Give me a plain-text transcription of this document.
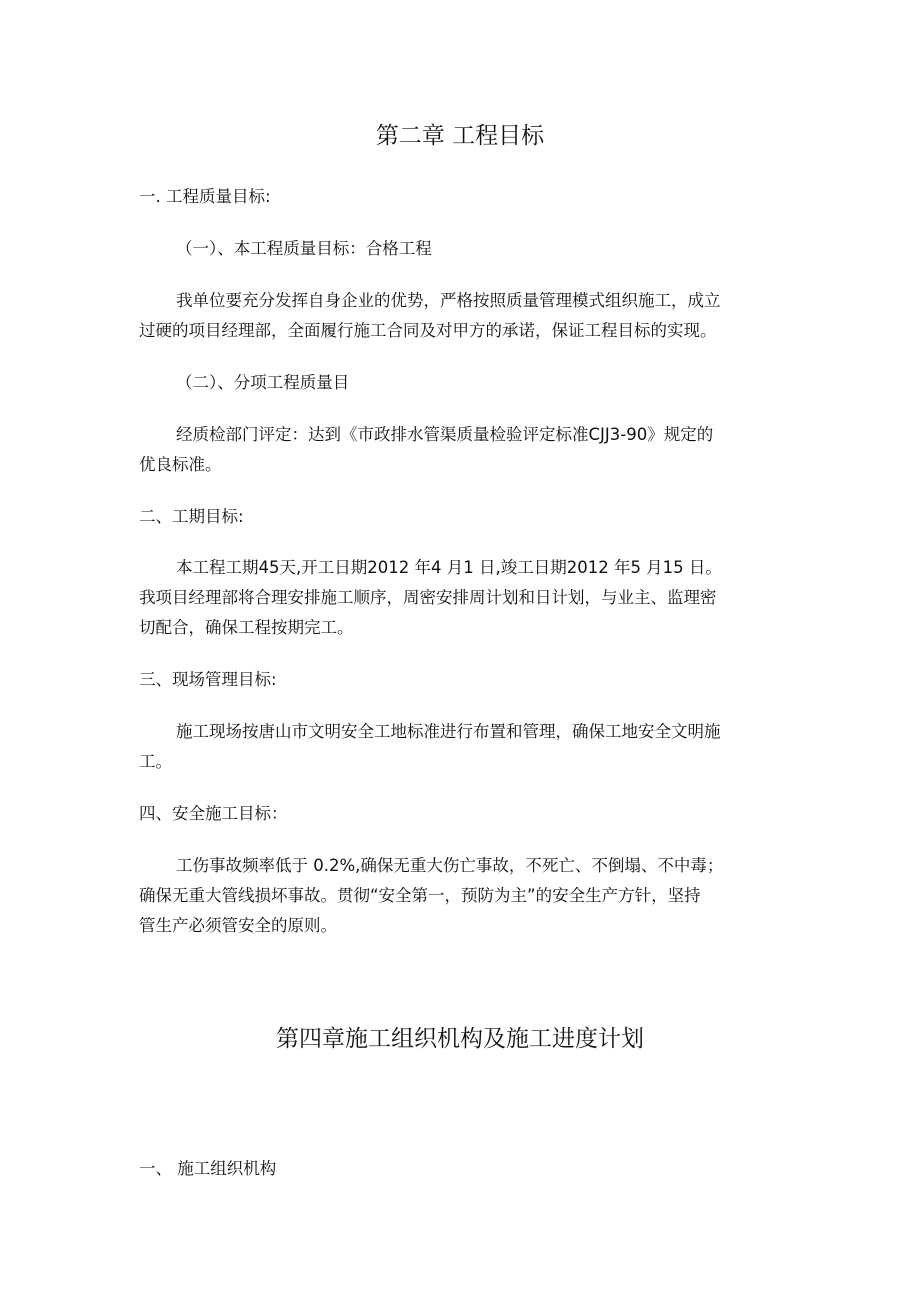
第二章 工程目标
一. 工程质量目标:
（一）、本工程质量目标：合格工程
我单位要充分发挥自身企业的优势，严格按照质量管理模式组织施工，成立
过硬的项目经理部，全面履行施工合同及对甲方的承诺，保证工程目标的实现。
（二）、分项工程质量目
经质检部门评定：达到《市政排水管渠质量检验评定标准CJJ3-90》规定的
优良标准。
二、工期目标:
本工程工期45天,开工日期2012 年4 月1 日,竣工日期2012 年5 月15 日。
我项目经理部将合理安排施工顺序，周密安排周计划和日计划，与业主、监理密
切配合，确保工程按期完工。
三、现场管理目标:
施工现场按唐山市文明安全工地标准进行布置和管理，确保工地安全文明施
工。
四、安全施工目标：
工伤事故频率低于 0.2%,确保无重大伤亡事故，不死亡、不倒塌、不中毒；
确保无重大管线损坏事故。贯彻“安全第一，预防为主”的安全生产方针，坚持
管生产必须管安全的原则。
第四章施工组织机构及施工进度计划
一、 施工组织机构
